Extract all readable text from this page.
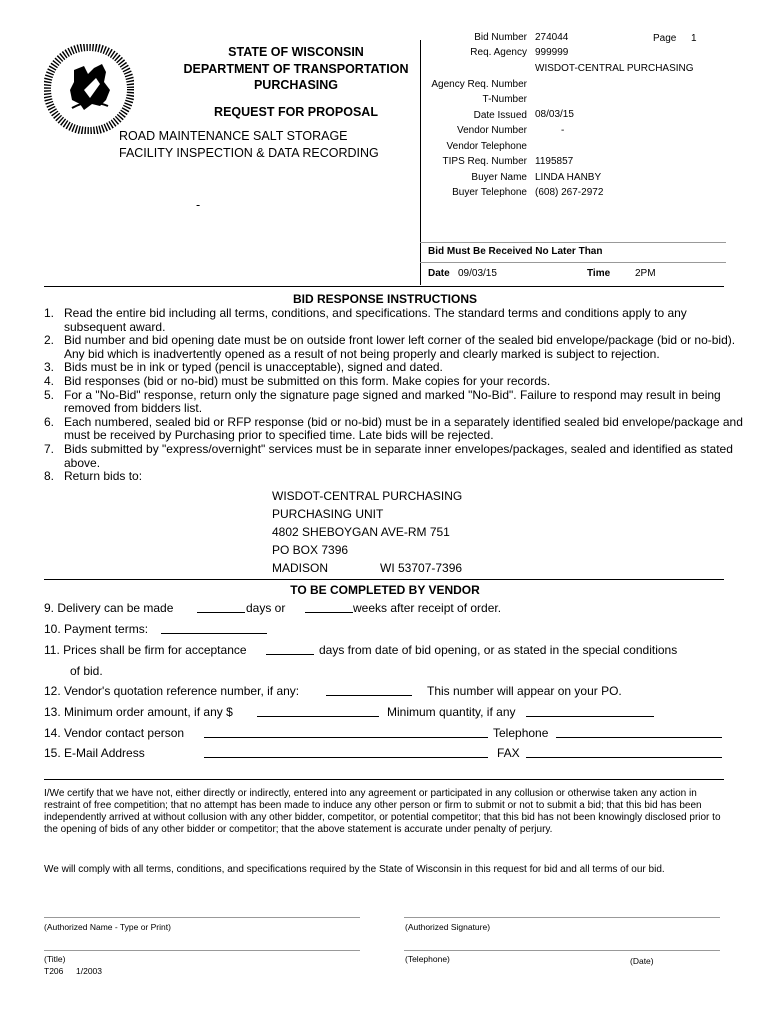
STATE OF WISCONSIN
DEPARTMENT OF TRANSPORTATION
PURCHASING
REQUEST FOR PROPOSAL
ROAD MAINTENANCE SALT STORAGE
FACILITY INSPECTION & DATA RECORDING
-
Bid Number 274044	Page 1
Req. Agency 999999
WISDOT-CENTRAL PURCHASING
Agency Req. Number
T-Number
Date Issued 08/03/15
Vendor Number	-
Vendor Telephone
TIPS Req. Number 1195857
Buyer Name LINDA HANBY
Buyer Telephone (608) 267-2972
Bid Must Be Received No Later Than
Date 09/03/15	Time 2PM
BID RESPONSE INSTRUCTIONS
1. Read the entire bid including all terms, conditions, and specifications. The standard terms and conditions apply to any subsequent award.
2. Bid number and bid opening date must be on outside front lower left corner of the sealed bid envelope/package (bid or no-bid). Any bid which is inadvertently opened as a result of not being properly and clearly marked is subject to rejection.
3. Bids must be in ink or typed (pencil is unacceptable), signed and dated.
4. Bid responses (bid or no-bid) must be submitted on this form. Make copies for your records.
5. For a "No-Bid" response, return only the signature page signed and marked "No-Bid". Failure to respond may result in being removed from bidders list.
6. Each numbered, sealed bid or RFP response (bid or no-bid) must be in a separately identified sealed bid envelope/package and must be received by Purchasing prior to specified time. Late bids will be rejected.
7. Bids submitted by "express/overnight" services must be in separate inner envelopes/packages, sealed and identified as stated above.
8. Return bids to:
WISDOT-CENTRAL PURCHASING
PURCHASING UNIT
4802 SHEBOYGAN AVE-RM 751
PO BOX 7396
MADISON	WI 53707-7396
TO BE COMPLETED BY VENDOR
9. Delivery can be made	days or	weeks after receipt of order.
10. Payment terms:
11. Prices shall be firm for acceptance	days from date of bid opening, or as stated in the special conditions
of bid.
12. Vendor's quotation reference number, if any:	This number will appear on your PO.
13. Minimum order amount, if any $	Minimum quantity, if any
14. Vendor contact person	Telephone
15. E-Mail Address	FAX
I/We certify that we have not, either directly or indirectly, entered into any agreement or participated in any collusion or otherwise taken any action in restraint of free competition; that no attempt has been made to induce any other person or firm to submit or not to submit a bid; that this bid has been independently arrived at without collusion with any other bidder, competitor, or potential competitor; that this bid has not been knowingly disclosed prior to the opening of bids of any other bidder or competitor; that the above statement is accurate under penalty of perjury.
We will comply with all terms, conditions, and specifications required by the State of Wisconsin in this request for bid and all terms of our bid.
(Authorized Name - Type or Print)	(Authorized Signature)
(Title)	(Telephone)	(Date)
T206 1/2003
